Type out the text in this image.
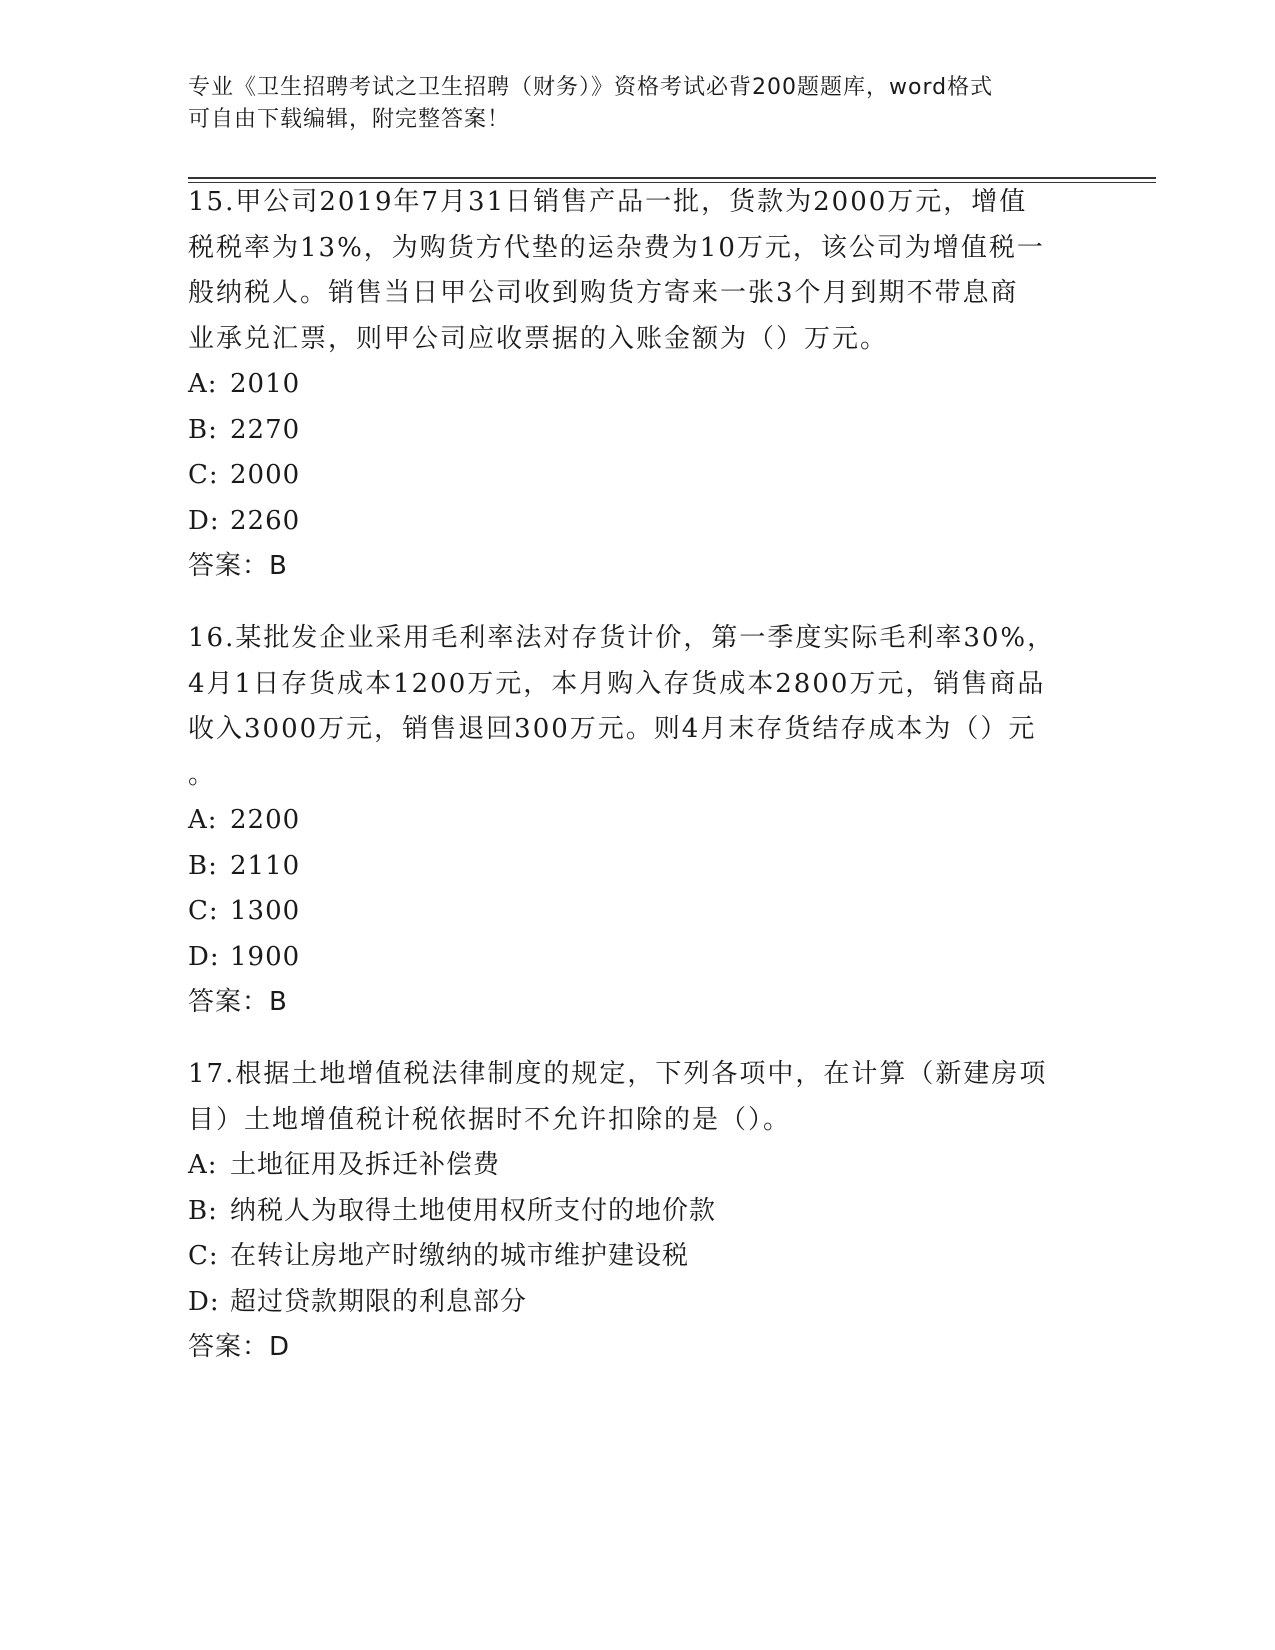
专业《卫生招聘考试之卫生招聘（财务）》资格考试必背200题题库，word格式

可自由下载编辑，附完整答案！

15.甲公司2019年7月31日销售产品一批，货款为2000万元，增值

税税率为13%，为购货方代垫的运杂费为10万元，该公司为增值税一

般纳税人。销售当日甲公司收到购货方寄来一张3个月到期不带息商

业承兑汇票，则甲公司应收票据的入账金额为（）万元。

A: 2010

B: 2270

C: 2000

D: 2260

答案：B

16.某批发企业采用毛利率法对存货计价，第一季度实际毛利率30%，

4月1日存货成本1200万元，本月购入存货成本2800万元，销售商品

收入3000万元，销售退回300万元。则4月末存货结存成本为（）元

。

A: 2200

B: 2110

C: 1300

D: 1900

答案：B

17.根据土地增值税法律制度的规定，下列各项中，在计算（新建房项

目）土地增值税计税依据时不允许扣除的是（）。

A: 土地征用及拆迁补偿费

B: 纳税人为取得土地使用权所支付的地价款

C: 在转让房地产时缴纳的城市维护建设税

D: 超过贷款期限的利息部分

答案：D
